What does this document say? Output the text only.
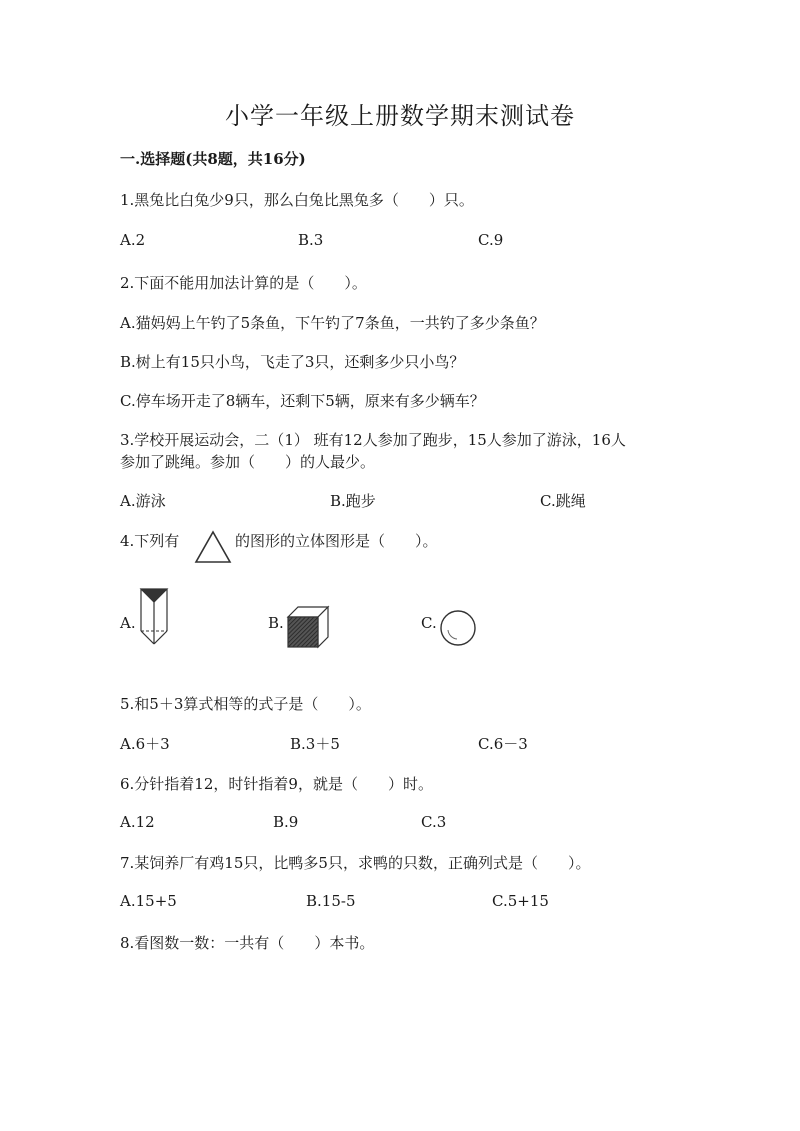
小学一年级上册数学期末测试卷
一.选择题(共8题，共16分)
1.黑兔比白兔少9只，那么白兔比黑兔多（　　）只。
A.2	B.3	C.9
2.下面不能用加法计算的是（　　）。
A.猫妈妈上午钓了5条鱼，下午钓了7条鱼，一共钓了多少条鱼？
B.树上有15只小鸟，飞走了3只，还剩多少只小鸟？
C.停车场开走了8辆车，还剩下5辆，原来有多少辆车？
3.学校开展运动会，二（1） 班有12人参加了跑步，15人参加了游泳，16人
参加了跳绳。参加（　　）的人最少。
A.游泳	B.跑步	C.跳绳
4.下列有	的图形的立体图形是（　　）。
A.	B.	C.
5.和5＋3算式相等的式子是（　　）。
A.6＋3	B.3＋5	C.6－3
6.分针指着12，时针指着9，就是（　　）时。
A.12	B.9	C.3
7.某饲养厂有鸡15只，比鸭多5只，求鸭的只数，正确列式是（　　）。
A.15+5	B.15-5	C.5+15
8.看图数一数：一共有（　　）本书。
